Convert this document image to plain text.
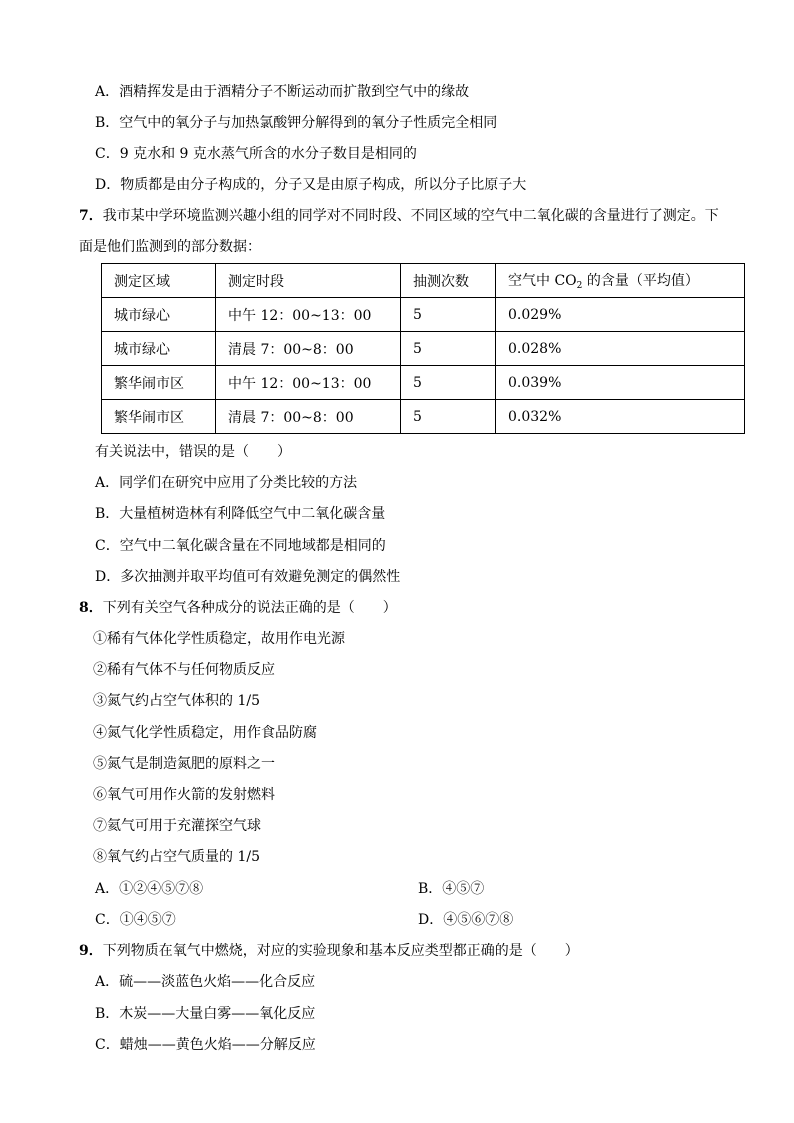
A．酒精挥发是由于酒精分子不断运动而扩散到空气中的缘故
B．空气中的氧分子与加热氯酸钾分解得到的氧分子性质完全相同
C．9 克水和 9 克水蒸气所含的水分子数目是相同的
D．物质都是由分子构成的，分子又是由原子构成，所以分子比原子大
7．我市某中学环境监测兴趣小组的同学对不同时段、不同区域的空气中二氧化碳的含量进行了测定。下
面是他们监测到的部分数据：
测定区域	测定时段	抽测次数	空气中 $CO_2$ 的含量（平均值）
城市绿心	中午 12：00~13：00	5	0.029%
城市绿心	清晨 7：00~8：00	5	0.028%
繁华闹市区	中午 12：00~13：00	5	0.039%
繁华闹市区	清晨 7：00~8：00	5	0.032%
有关说法中，错误的是（　　）
A．同学们在研究中应用了分类比较的方法
B．大量植树造林有利降低空气中二氧化碳含量
C．空气中二氧化碳含量在不同地域都是相同的
D．多次抽测并取平均值可有效避免测定的偶然性
8．下列有关空气各种成分的说法正确的是（　　）
①稀有气体化学性质稳定，故用作电光源
②稀有气体不与任何物质反应
③氮气约占空气体积的 1/5
④氮气化学性质稳定，用作食品防腐
⑤氮气是制造氮肥的原料之一
⑥氧气可用作火箭的发射燃料
⑦氦气可用于充灌探空气球
⑧氧气约占空气质量的 1/5
A．①②④⑤⑦⑧	B．④⑤⑦
C．①④⑤⑦	D．④⑤⑥⑦⑧
9．下列物质在氧气中燃烧，对应的实验现象和基本反应类型都正确的是（　　）
A．硫——淡蓝色火焰——化合反应
B．木炭——大量白雾——氧化反应
C．蜡烛——黄色火焰——分解反应
